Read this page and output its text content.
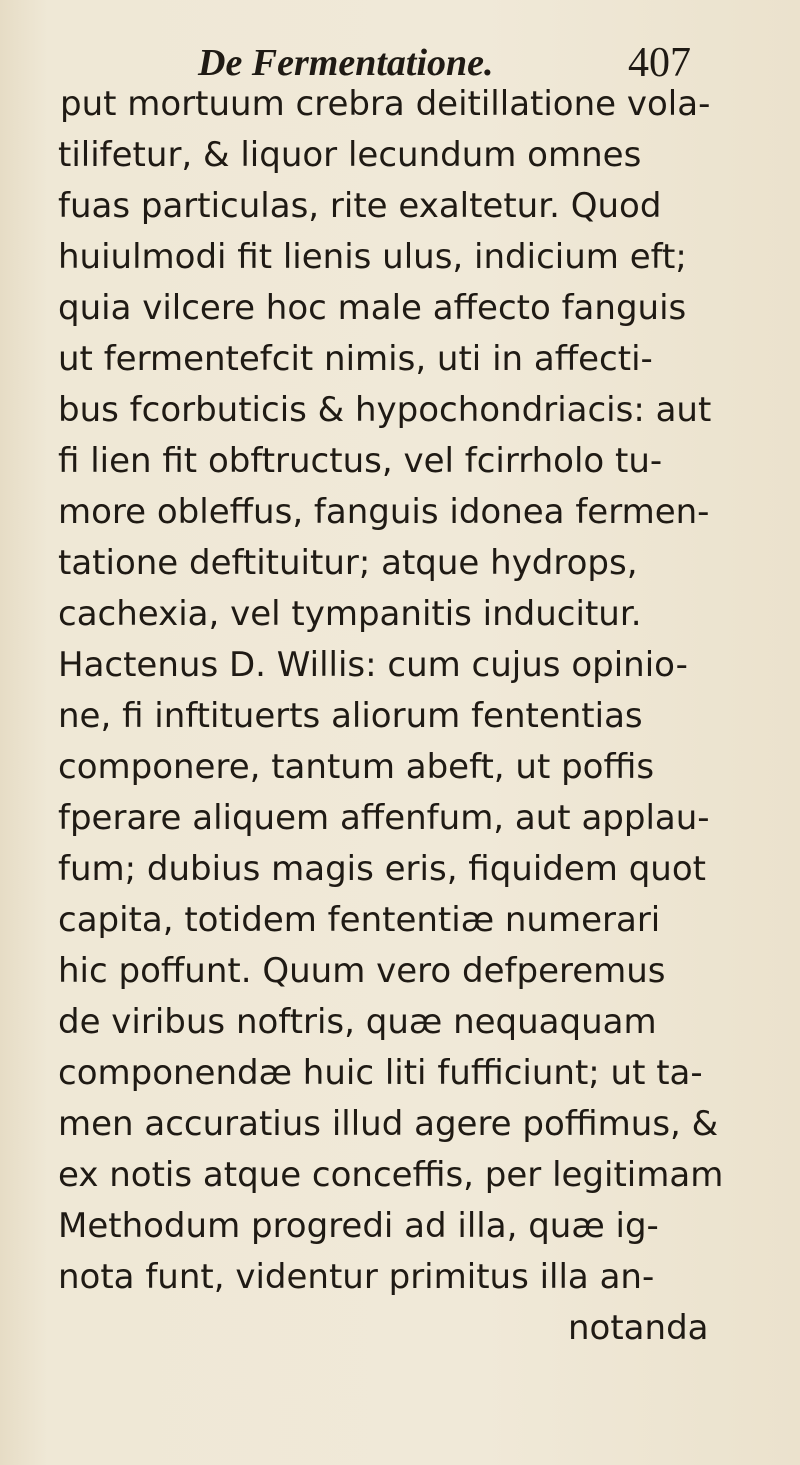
De Fermentatione.	407
put mortuum crebra deitillatione vola-
tilifetur, & liquor lecundum omnes
fuas particulas, rite exaltetur. Quod
huiulmodi fit lienis ulus, indicium eft;
quia vilcere hoc male affecto fanguis
ut fermentefcit nimis, uti in affecti-
bus fcorbuticis & hypochondriacis: aut
fi lien fit obftructus, vel fcirrholo tu-
more obleffus, fanguis idonea fermen-
tatione deftituitur; atque hydrops,
cachexia, vel tympanitis inducitur.
Hactenus D. Willis: cum cujus opinio-
ne, fi inftituerts aliorum fententias
componere, tantum abeft, ut poffis
fperare aliquem affenfum, aut applau-
fum; dubius magis eris, fiquidem quot
capita, totidem fententiæ numerari
hic poffunt. Quum vero defperemus
de viribus noftris, quæ nequaquam
componendæ huic liti fufficiunt; ut ta-
men accuratius illud agere poffimus, &
ex notis atque conceffis, per legitimam
Methodum progredi ad illa, quæ ig-
nota funt, videntur primitus illa an-
notanda
